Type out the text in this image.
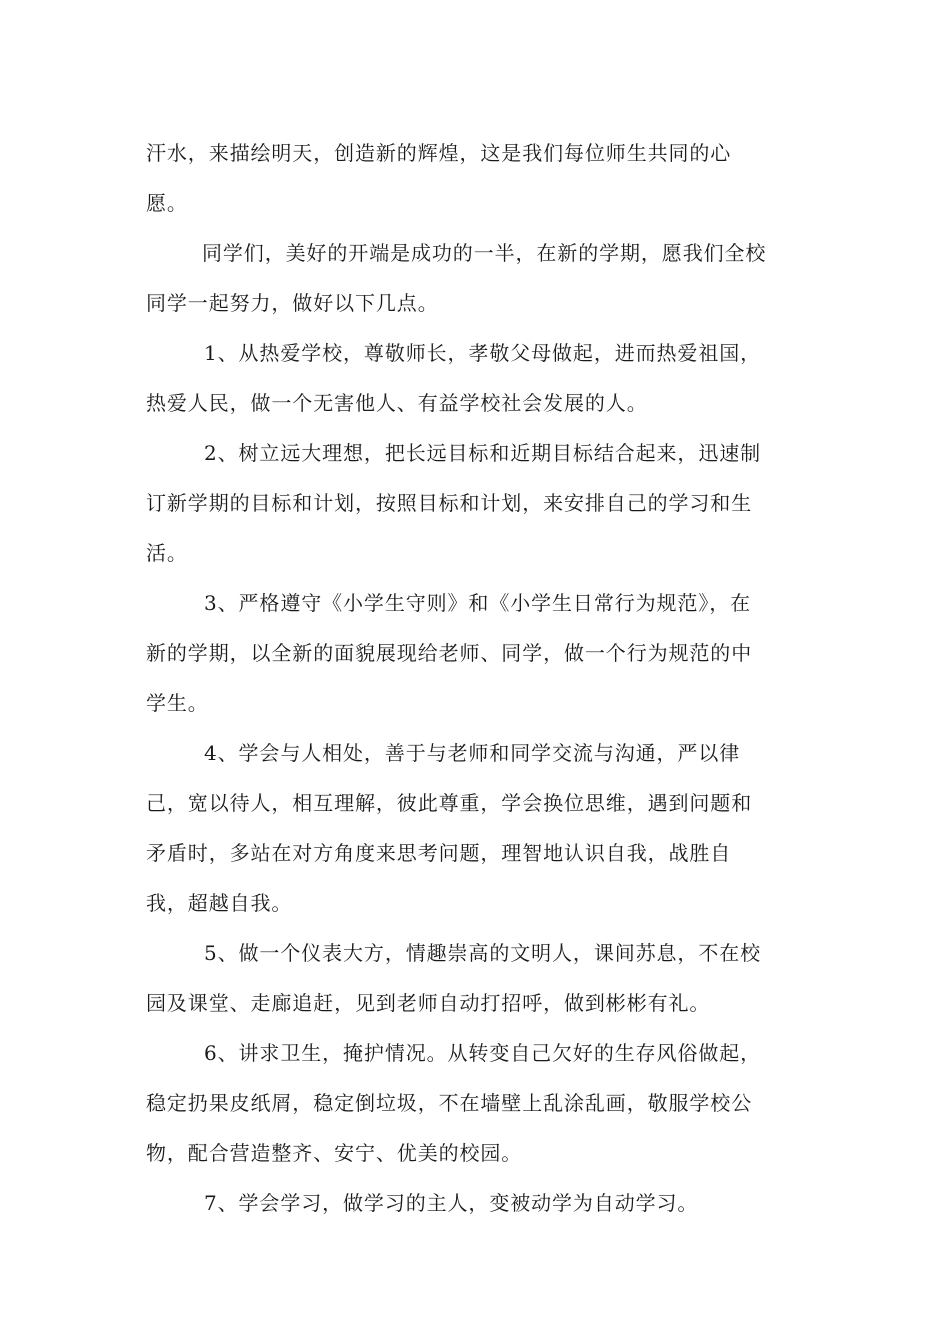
汗水，来描绘明天，创造新的辉煌，这是我们每位师生共同的心
愿。

同学们，美好的开端是成功的一半，在新的学期，愿我们全校
同学一起努力，做好以下几点。

1、从热爱学校，尊敬师长，孝敬父母做起，进而热爱祖国，
热爱人民，做一个无害他人、有益学校社会发展的人。

2、树立远大理想，把长远目标和近期目标结合起来，迅速制
订新学期的目标和计划，按照目标和计划，来安排自己的学习和生
活。

3、严格遵守《小学生守则》和《小学生日常行为规范》，在
新的学期，以全新的面貌展现给老师、同学，做一个行为规范的中
学生。

4、学会与人相处，善于与老师和同学交流与沟通，严以律
己，宽以待人，相互理解，彼此尊重，学会换位思维，遇到问题和
矛盾时，多站在对方角度来思考问题，理智地认识自我，战胜自
我，超越自我。

5、做一个仪表大方，情趣崇高的文明人，课间苏息，不在校
园及课堂、走廊追赶，见到老师自动打招呼，做到彬彬有礼。

6、讲求卫生，掩护情况。从转变自己欠好的生存风俗做起，
稳定扔果皮纸屑，稳定倒垃圾，不在墙壁上乱涂乱画，敬服学校公
物，配合营造整齐、安宁、优美的校园。

7、学会学习，做学习的主人，变被动学为自动学习。
